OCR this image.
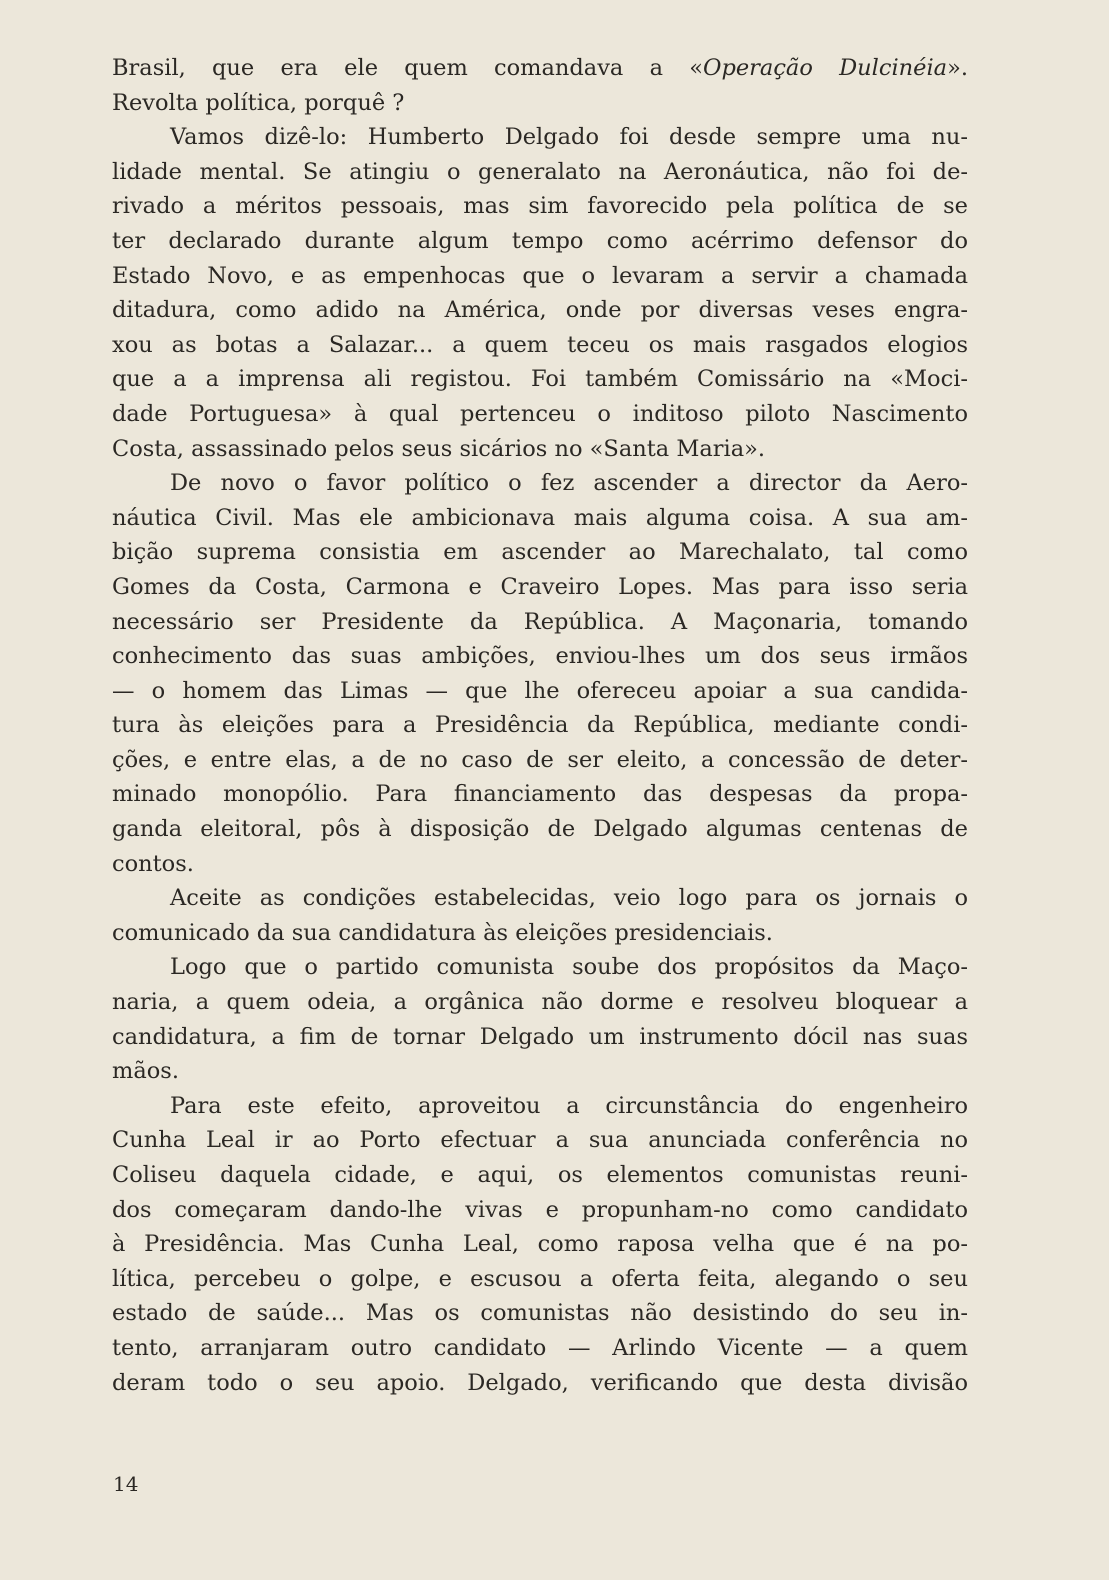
Brasil, que era ele quem comandava a «Operação Dulcinéia».
Revolta política, porquê ?
Vamos dizê-lo: Humberto Delgado foi desde sempre uma nu-
lidade mental. Se atingiu o generalato na Aeronáutica, não foi de-
rivado a méritos pessoais, mas sim favorecido pela política de se
ter declarado durante algum tempo como acérrimo defensor do
Estado Novo, e as empenhocas que o levaram a servir a chamada
ditadura, como adido na América, onde por diversas veses engra-
xou as botas a Salazar... a quem teceu os mais rasgados elogios
que a a imprensa ali registou. Foi também Comissário na «Moci-
dade Portuguesa» à qual pertenceu o inditoso piloto Nascimento
Costa, assassinado pelos seus sicários no «Santa Maria».
De novo o favor político o fez ascender a director da Aero-
náutica Civil. Mas ele ambicionava mais alguma coisa. A sua am-
bição suprema consistia em ascender ao Marechalato, tal como
Gomes da Costa, Carmona e Craveiro Lopes. Mas para isso seria
necessário ser Presidente da República. A Maçonaria, tomando
conhecimento das suas ambições, enviou-lhes um dos seus irmãos
— o homem das Limas — que lhe ofereceu apoiar a sua candida-
tura às eleições para a Presidência da República, mediante condi-
ções, e entre elas, a de no caso de ser eleito, a concessão de deter-
minado monopólio. Para financiamento das despesas da propa-
ganda eleitoral, pôs à disposição de Delgado algumas centenas de
contos.
Aceite as condições estabelecidas, veio logo para os jornais o
comunicado da sua candidatura às eleições presidenciais.
Logo que o partido comunista soube dos propósitos da Maço-
naria, a quem odeia, a orgânica não dorme e resolveu bloquear a
candidatura, a fim de tornar Delgado um instrumento dócil nas suas
mãos.
Para este efeito, aproveitou a circunstância do engenheiro
Cunha Leal ir ao Porto efectuar a sua anunciada conferência no
Coliseu daquela cidade, e aqui, os elementos comunistas reuni-
dos começaram dando-lhe vivas e propunham-no como candidato
à Presidência. Mas Cunha Leal, como raposa velha que é na po-
lítica, percebeu o golpe, e escusou a oferta feita, alegando o seu
estado de saúde... Mas os comunistas não desistindo do seu in-
tento, arranjaram outro candidato — Arlindo Vicente — a quem
deram todo o seu apoio. Delgado, verificando que desta divisão
14
